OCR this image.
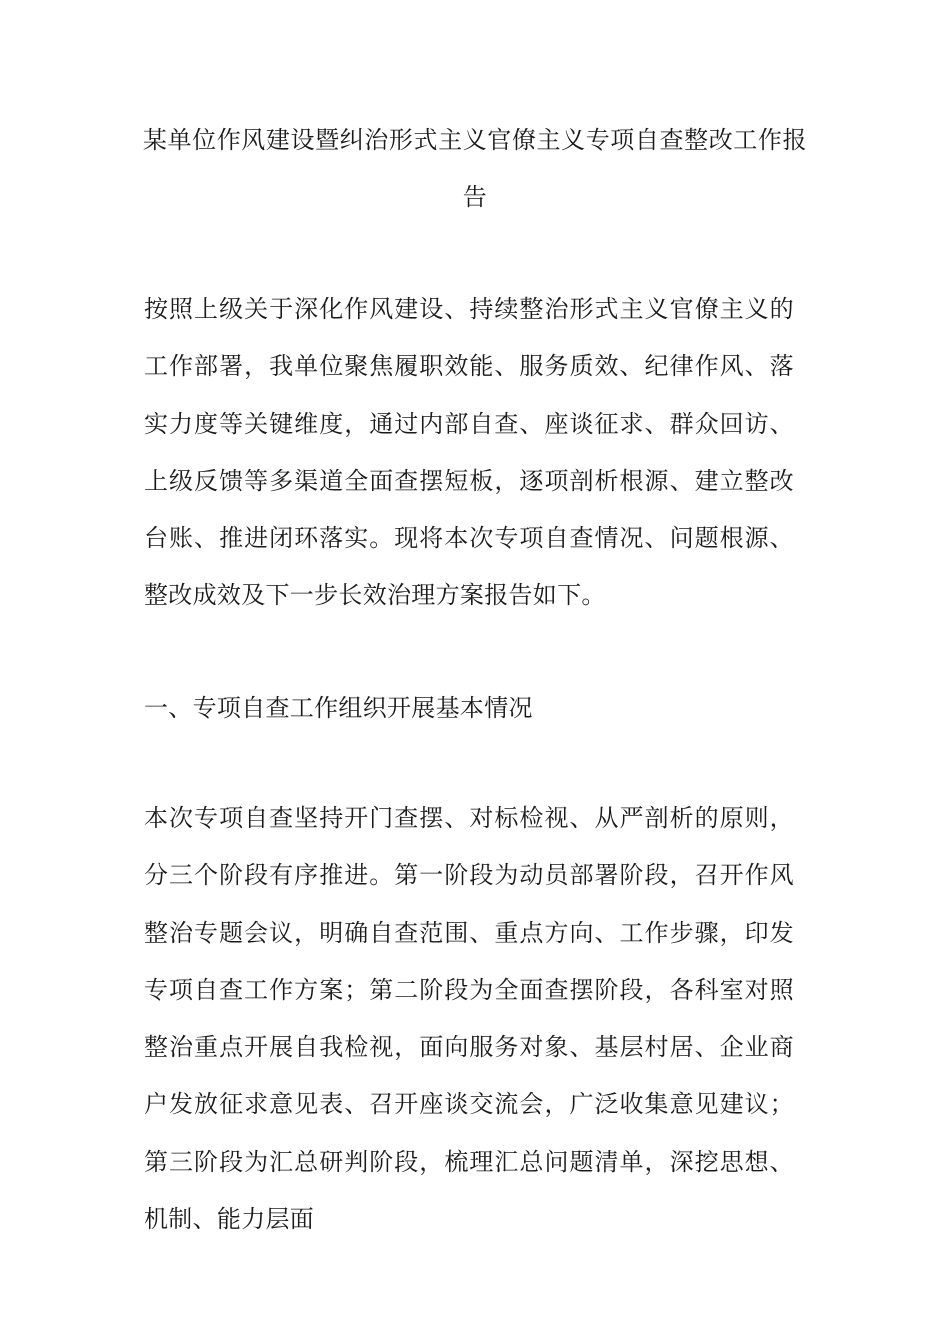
某单位作风建设暨纠治形式主义官僚主义专项自查整改工作报告

按照上级关于深化作风建设、持续整治形式主义官僚主义的工作部署，我单位聚焦履职效能、服务质效、纪律作风、落实力度等关键维度，通过内部自查、座谈征求、群众回访、上级反馈等多渠道全面查摆短板，逐项剖析根源、建立整改台账、推进闭环落实。现将本次专项自查情况、问题根源、整改成效及下一步长效治理方案报告如下。

一、专项自查工作组织开展基本情况

本次专项自查坚持开门查摆、对标检视、从严剖析的原则，分三个阶段有序推进。第一阶段为动员部署阶段，召开作风整治专题会议，明确自查范围、重点方向、工作步骤，印发专项自查工作方案；第二阶段为全面查摆阶段，各科室对照整治重点开展自我检视，面向服务对象、基层村居、企业商户发放征求意见表、召开座谈交流会，广泛收集意见建议；第三阶段为汇总研判阶段，梳理汇总问题清单，深挖思想、机制、能力层面
